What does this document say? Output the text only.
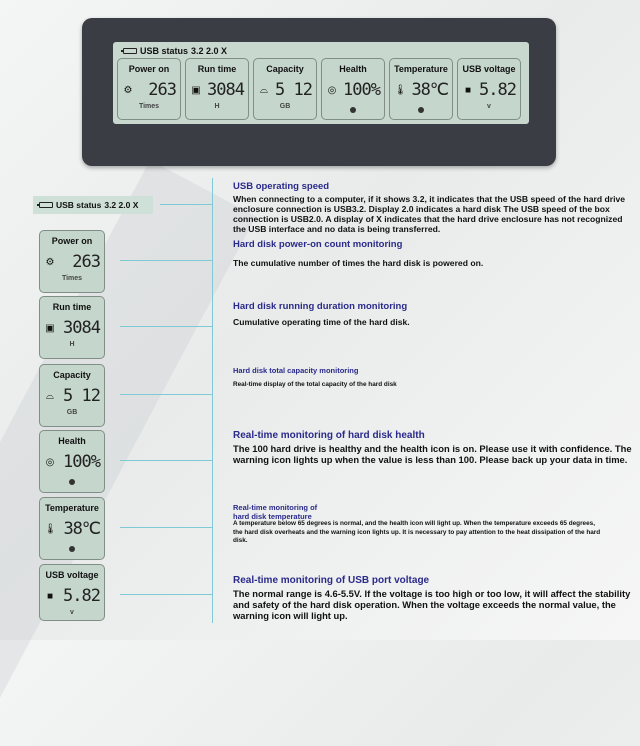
USB status 3.2 2.0 X
Power on
⚙ 263
Times
Run time
▣ 3084
H
Capacity
⌓ 5 12
GB
Health
◎ 100%
Temperature
🌡 38℃
USB voltage
■ 5.82
v
USB status 3.2 2.0 X
Power on
⚙ 263
Times
Run time
▣ 3084
H
Capacity
⌓ 5 12
GB
Health
◎ 100%
Temperature
🌡 38℃
USB voltage
■ 5.82
v
USB operating speed

When connecting to a computer, if it shows 3.2, it indicates that the USB speed of the hard drive enclosure connection is USB3.2. Display 2.0 indicates a hard disk The USB speed of the box connection is USB2.0. A display of X indicates that the hard drive enclosure has not recognized the USB interface and no data is being transferred.

Hard disk power-on count monitoring

The cumulative number of times the hard disk is powered on.

Hard disk running duration monitoring

Cumulative operating time of the hard disk.

Hard disk total capacity monitoring

Real-time display of the total capacity of the hard disk

Real-time monitoring of hard disk health

The 100 hard drive is healthy and the health icon is on. Please use it with confidence. The warning icon lights up when the value is less than 100. Please back up your data in time.

Real-time monitoring of hard disk temperature

A temperature below 65 degrees is normal, and the health icon will light up. When the temperature exceeds 65 degrees, the hard disk overheats and the warning icon lights up. It is necessary to pay attention to the heat dissipation of the hard disk.

Real-time monitoring of USB port voltage

The normal range is 4.6-5.5V. If the voltage is too high or too low, it will affect the stability and safety of the hard disk operation. When the voltage exceeds the normal value, the warning icon will light up.
